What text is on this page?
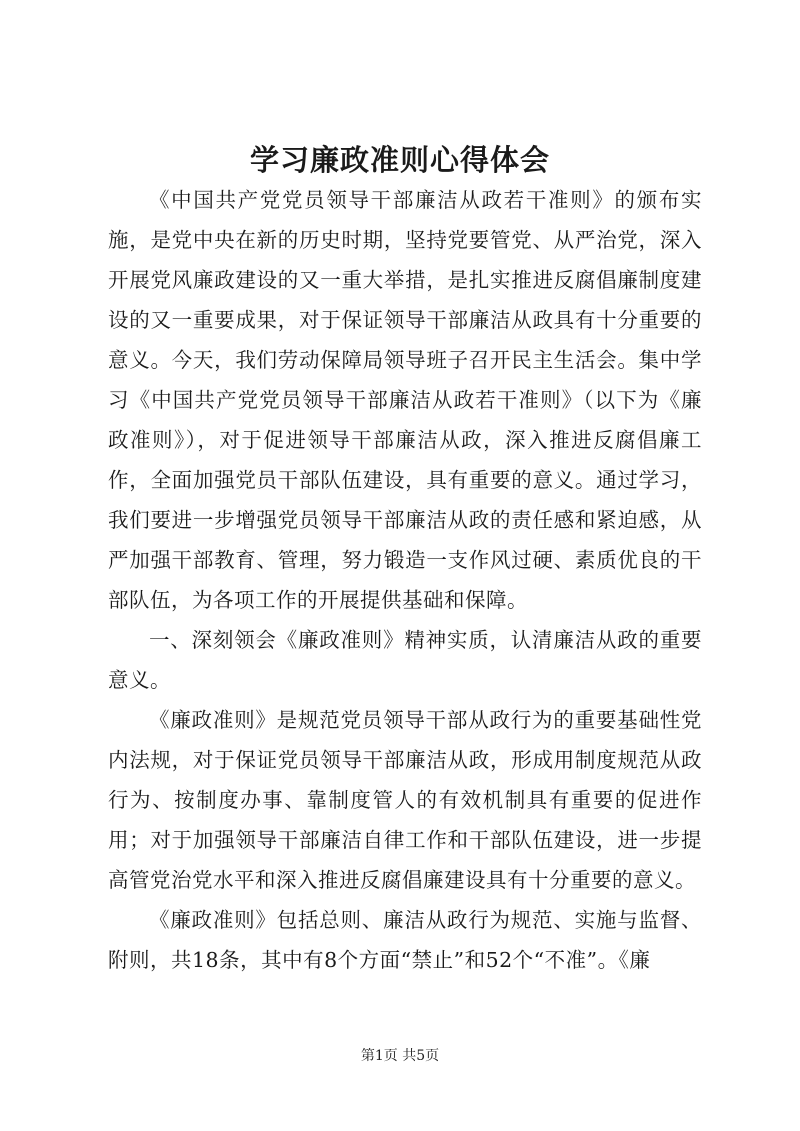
学习廉政准则心得体会

《中国共产党党员领导干部廉洁从政若干准则》的颁布实施，是党中央在新的历史时期，坚持党要管党、从严治党，深入开展党风廉政建设的又一重大举措，是扎实推进反腐倡廉制度建设的又一重要成果，对于保证领导干部廉洁从政具有十分重要的意义。今天，我们劳动保障局领导班子召开民主生活会。集中学习《中国共产党党员领导干部廉洁从政若干准则》（以下为《廉政准则》），对于促进领导干部廉洁从政，深入推进反腐倡廉工作，全面加强党员干部队伍建设，具有重要的意义。通过学习，我们要进一步增强党员领导干部廉洁从政的责任感和紧迫感，从严加强干部教育、管理，努力锻造一支作风过硬、素质优良的干部队伍，为各项工作的开展提供基础和保障。

一、深刻领会《廉政准则》精神实质，认清廉洁从政的重要意义。

《廉政准则》是规范党员领导干部从政行为的重要基础性党内法规，对于保证党员领导干部廉洁从政，形成用制度规范从政行为、按制度办事、靠制度管人的有效机制具有重要的促进作用；对于加强领导干部廉洁自律工作和干部队伍建设，进一步提高管党治党水平和深入推进反腐倡廉建设具有十分重要的意义。

《廉政准则》包括总则、廉洁从政行为规范、实施与监督、附则，共18条，其中有8个方面“禁止”和52个“不准”。《廉

第1页 共5页
